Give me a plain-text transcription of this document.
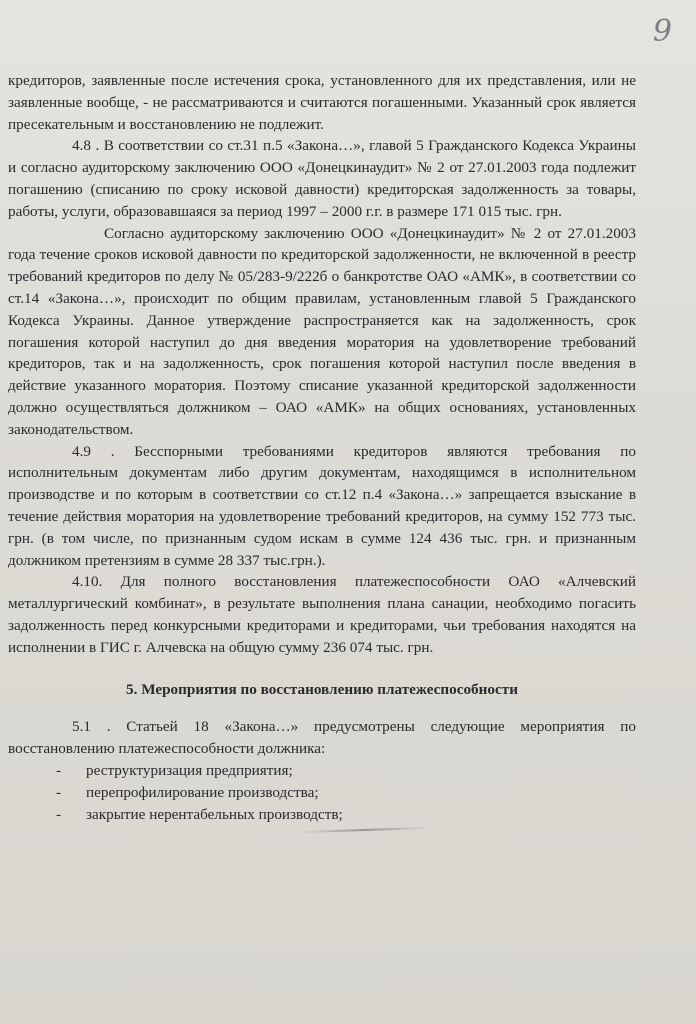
9

кредиторов, заявленные после истечения срока, установленного для их представления, или не заявленные вообще, - не рассматриваются и считаются погашенными. Указанный срок является пресекательным и восстановлению не подлежит.

4.8 . В соответствии со ст.31 п.5 «Закона…», главой 5 Гражданского Кодекса Украины и согласно аудиторскому заключению ООО «Донецкинаудит» № 2 от 27.01.2003 года подлежит погашению (списанию по сроку исковой давности) кредиторская задолженность за товары, работы, услуги, образовавшаяся за период 1997 – 2000 г.г. в размере 171 015 тыс. грн.

Согласно аудиторскому заключению ООО «Донецкинаудит» № 2 от 27.01.2003 года течение сроков исковой давности по кредиторской задолженности, не включенной в реестр требований кредиторов по делу № 05/283-9/222б о банкротстве ОАО «АМК», в соответствии со ст.14 «Закона…», происходит по общим правилам, установленным главой 5 Гражданского Кодекса Украины. Данное утверждение распространяется как на задолженность, срок погашения которой наступил до дня введения моратория на удовлетворение требований кредиторов, так и на задолженность, срок погашения которой наступил после введения в действие указанного моратория. Поэтому списание указанной кредиторской задолженности должно осуществляться должником – ОАО «АМК» на общих основаниях, установленных законодательством.

4.9 . Бесспорными требованиями кредиторов являются требования по исполнительным документам либо другим документам, находящимся в исполнительном производстве и по которым в соответствии со ст.12 п.4 «Закона…» запрещается взыскание в течение действия моратория на удовлетворение требований кредиторов, на сумму 152 773 тыс. грн. (в том числе, по признанным судом искам в сумме 124 436 тыс. грн. и признанным должником претензиям в сумме 28 337 тыс.грн.).

4.10. Для полного восстановления платежеспособности ОАО «Алчевский металлургический комбинат», в результате выполнения плана санации, необходимо погасить задолженность перед конкурсными кредиторами и кредиторами, чьи требования находятся на исполнении в ГИС г. Алчевска на общую сумму 236 074 тыс. грн.

5. Мероприятия по восстановлению платежеспособности

5.1 . Статьей 18 «Закона…» предусмотрены следующие мероприятия по восстановлению платежеспособности должника:

- реструктуризация предприятия;
- перепрофилирование производства;
- закрытие нерентабельных производств;
